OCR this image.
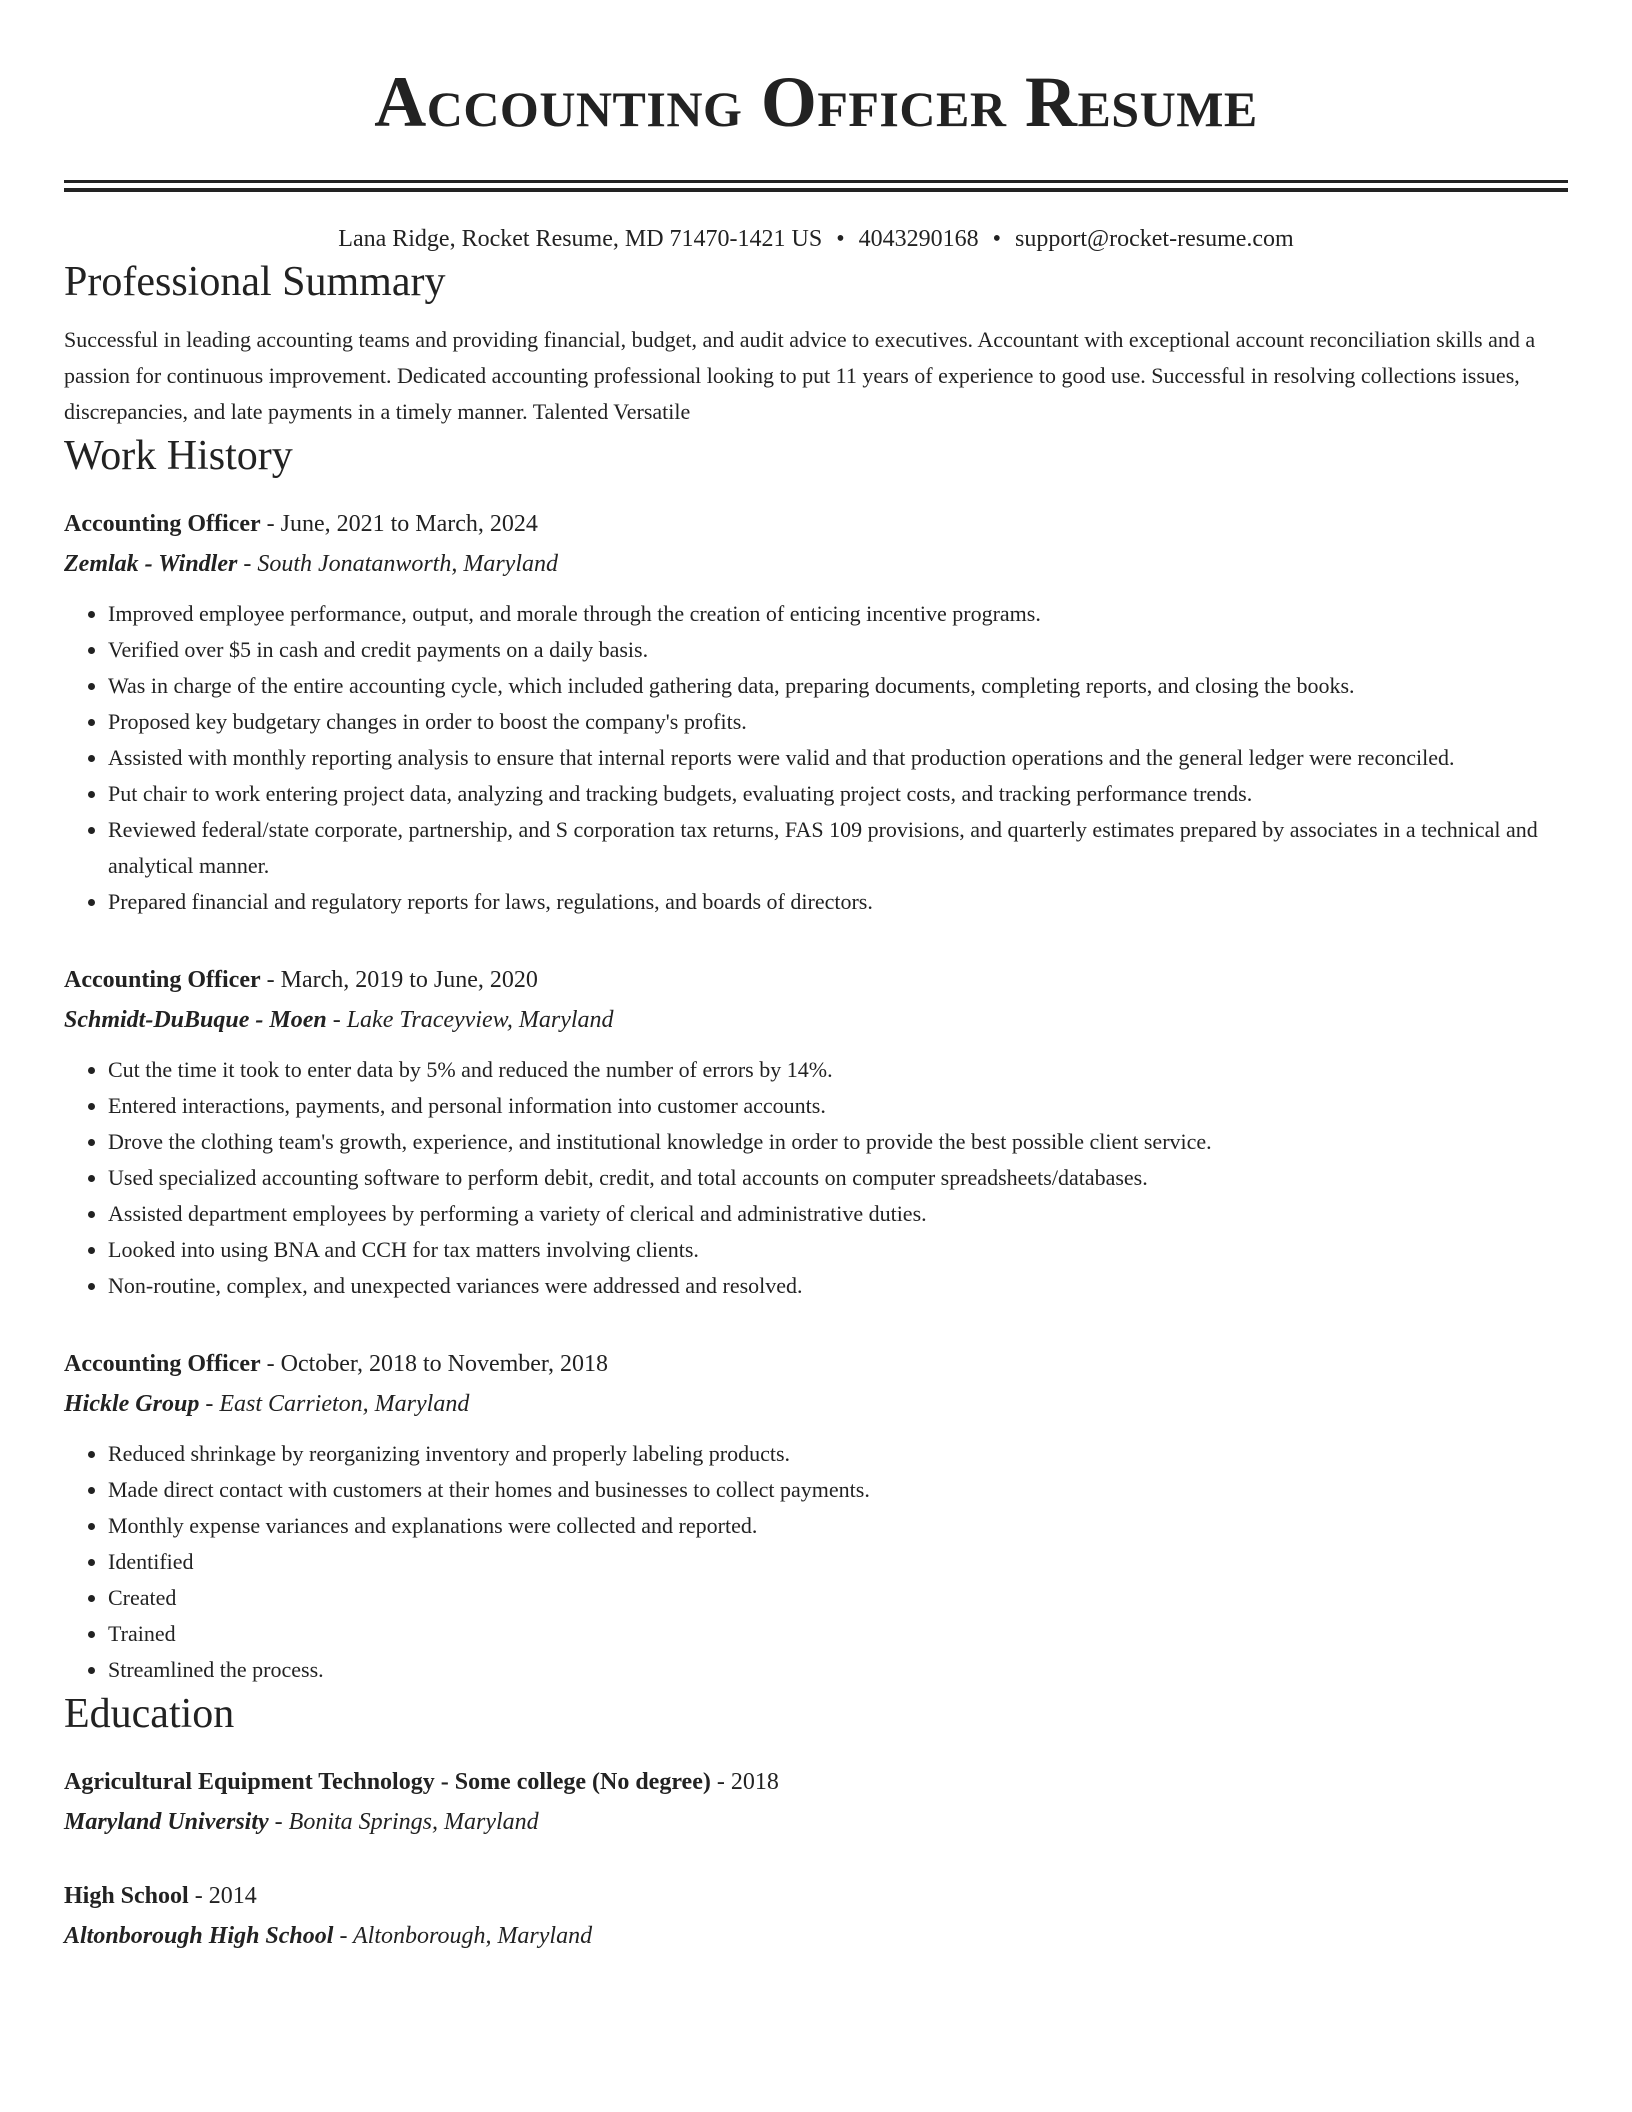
Accounting Officer Resume
Lana Ridge, Rocket Resume, MD 71470-1421 US • 4043290168 • support@rocket-resume.com
Professional Summary
Successful in leading accounting teams and providing financial, budget, and audit advice to executives. Accountant with exceptional account reconciliation skills and a passion for continuous improvement. Dedicated accounting professional looking to put 11 years of experience to good use. Successful in resolving collections issues, discrepancies, and late payments in a timely manner. Talented Versatile
Work History
Accounting Officer - June, 2021 to March, 2024
Zemlak - Windler - South Jonatanworth, Maryland
• Improved employee performance, output, and morale through the creation of enticing incentive programs.
• Verified over $5 in cash and credit payments on a daily basis.
• Was in charge of the entire accounting cycle, which included gathering data, preparing documents, completing reports, and closing the books.
• Proposed key budgetary changes in order to boost the company's profits.
• Assisted with monthly reporting analysis to ensure that internal reports were valid and that production operations and the general ledger were reconciled.
• Put chair to work entering project data, analyzing and tracking budgets, evaluating project costs, and tracking performance trends.
• Reviewed federal/state corporate, partnership, and S corporation tax returns, FAS 109 provisions, and quarterly estimates prepared by associates in a technical and analytical manner.
• Prepared financial and regulatory reports for laws, regulations, and boards of directors.
Accounting Officer - March, 2019 to June, 2020
Schmidt-DuBuque - Moen - Lake Traceyview, Maryland
• Cut the time it took to enter data by 5% and reduced the number of errors by 14%.
• Entered interactions, payments, and personal information into customer accounts.
• Drove the clothing team's growth, experience, and institutional knowledge in order to provide the best possible client service.
• Used specialized accounting software to perform debit, credit, and total accounts on computer spreadsheets/databases.
• Assisted department employees by performing a variety of clerical and administrative duties.
• Looked into using BNA and CCH for tax matters involving clients.
• Non-routine, complex, and unexpected variances were addressed and resolved.
Accounting Officer - October, 2018 to November, 2018
Hickle Group - East Carrieton, Maryland
• Reduced shrinkage by reorganizing inventory and properly labeling products.
• Made direct contact with customers at their homes and businesses to collect payments.
• Monthly expense variances and explanations were collected and reported.
• Identified
• Created
• Trained
• Streamlined the process.
Education
Agricultural Equipment Technology - Some college (No degree) - 2018
Maryland University - Bonita Springs, Maryland
High School - 2014
Altonborough High School - Altonborough, Maryland
